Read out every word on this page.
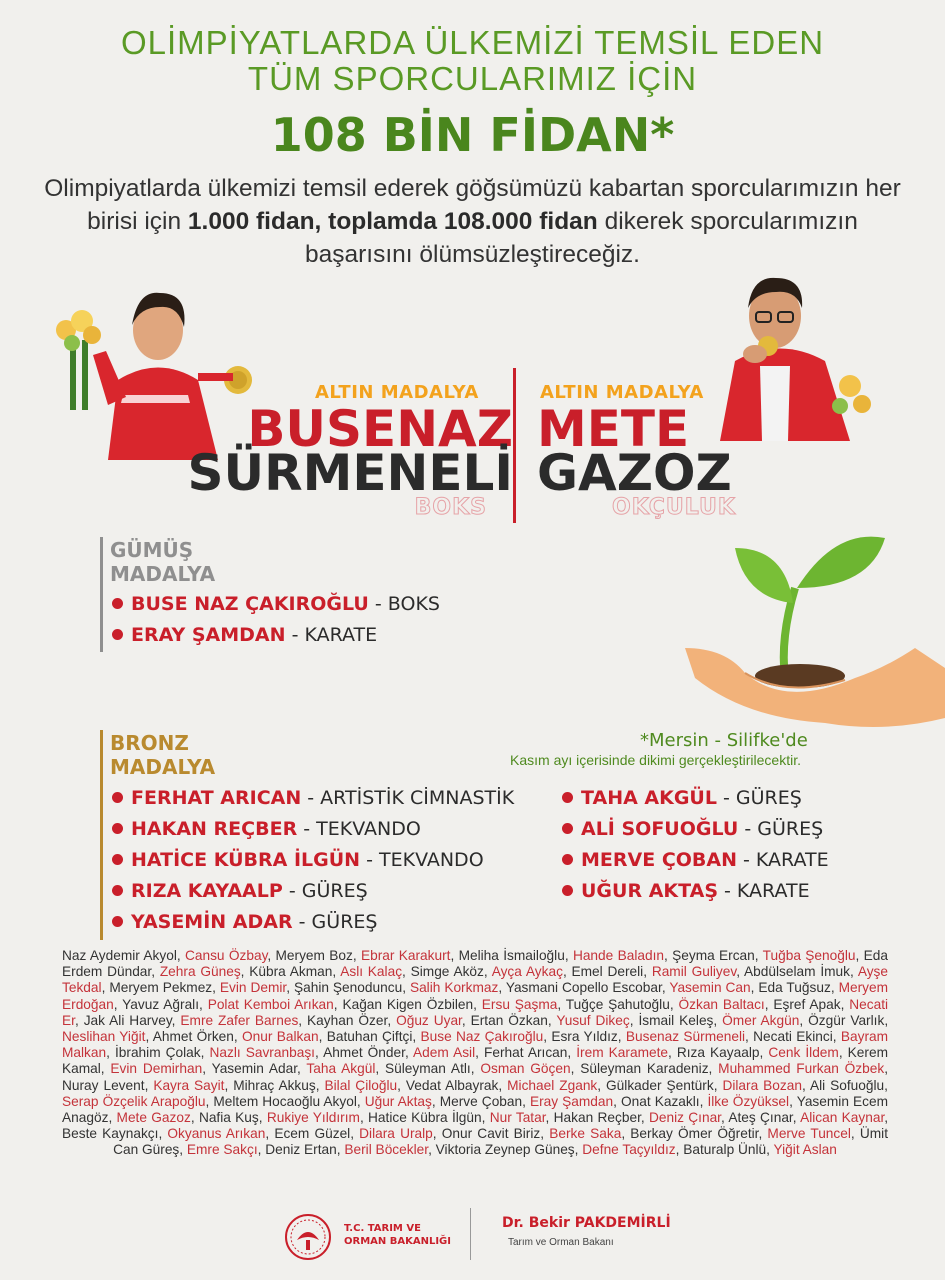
OLİMPİYATLARDA ÜLKEMİZİ TEMSİL EDEN
TÜM SPORCULARIMIZ İÇİN
108 BİN FİDAN*
Olimpiyatlarda ülkemizi temsil ederek göğsümüzü kabartan sporcularımızın her birisi için 1.000 fidan, toplamda 108.000 fidan dikerek sporcularımızın başarısını ölümsüzleştireceğiz.
ALTIN MADALYA
BUSENAZ
SÜRMENELİ
BOKS
ALTIN MADALYA
METE
GAZOZ
OKÇULUK
GÜMÜŞ
MADALYA
BUSE NAZ ÇAKIROĞLU - BOKS
ERAY ŞAMDAN - KARATE
*Mersin - Silifke'de
Kasım ayı içerisinde dikimi gerçekleştirilecektir.
BRONZ
MADALYA
FERHAT ARICAN - ARTİSTİK CİMNASTİK
HAKAN REÇBER - TEKVANDO
HATİCE KÜBRA İLGÜN - TEKVANDO
RIZA KAYAALP - GÜREŞ
YASEMİN ADAR - GÜREŞ
TAHA AKGÜL - GÜREŞ
ALİ SOFUOĞLU - GÜREŞ
MERVE ÇOBAN - KARATE
UĞUR AKTAŞ - KARATE
Naz Aydemir Akyol, Cansu Özbay, Meryem Boz, Ebrar Karakurt, Meliha İsmailoğlu, Hande Baladın, Şeyma Ercan, Tuğba Şenoğlu, Eda Erdem Dündar, Zehra Güneş, Kübra Akman, Aslı Kalaç, Simge Aköz, Ayça Aykaç, Emel Dereli, Ramil Guliyev, Abdülselam İmuk, Ayşe Tekdal, Meryem Pekmez, Evin Demir, Şahin Şenoduncu, Salih Korkmaz, Yasmani Copello Escobar, Yasemin Can, Eda Tuğsuz, Meryem Erdoğan, Yavuz Ağralı, Polat Kemboi Arıkan, Kağan Kigen Özbilen, Ersu Şaşma, Tuğçe Şahutoğlu, Özkan Baltacı, Eşref Apak, Necati Er, Jak Ali Harvey, Emre Zafer Barnes, Kayhan Özer, Oğuz Uyar, Ertan Özkan, Yusuf Dikeç, İsmail Keleş, Ömer Akgün, Özgür Varlık, Neslihan Yiğit, Ahmet Örken, Onur Balkan, Batuhan Çiftçi, Buse Naz Çakıroğlu, Esra Yıldız, Busenaz Sürmeneli, Necati Ekinci, Bayram Malkan, İbrahim Çolak, Nazlı Savranbaşı, Ahmet Önder, Adem Asil, Ferhat Arıcan, İrem Karamete, Rıza Kayaalp, Cenk İldem, Kerem Kamal, Evin Demirhan, Yasemin Adar, Taha Akgül, Süleyman Atlı, Osman Göçen, Süleyman Karadeniz, Muhammed Furkan Özbek, Nuray Levent, Kayra Sayit, Mihraç Akkuş, Bilal Çiloğlu, Vedat Albayrak, Michael Zgank, Gülkader Şentürk, Dilara Bozan, Ali Sofuoğlu, Serap Özçelik Arapoğlu, Meltem Hocaoğlu Akyol, Uğur Aktaş, Merve Çoban, Eray Şamdan, Onat Kazaklı, İlke Özyüksel, Yasemin Ecem Anagöz, Mete Gazoz, Nafia Kuş, Rukiye Yıldırım, Hatice Kübra İlgün, Nur Tatar, Hakan Reçber, Deniz Çınar, Ateş Çınar, Alican Kaynar, Beste Kaynakçı, Okyanus Arıkan, Ecem Güzel, Dilara Uralp, Onur Cavit Biriz, Berke Saka, Berkay Ömer Öğretir, Merve Tuncel, Ümit Can Güreş, Emre Sakçı, Deniz Ertan, Beril Böcekler, Viktoria Zeynep Güneş, Defne Taçyıldız, Baturalp Ünlü, Yiğit Aslan
T.C. TARIM VE
ORMAN BAKANLIĞI
Dr. Bekir PAKDEMİRLİ
Tarım ve Orman Bakanı
